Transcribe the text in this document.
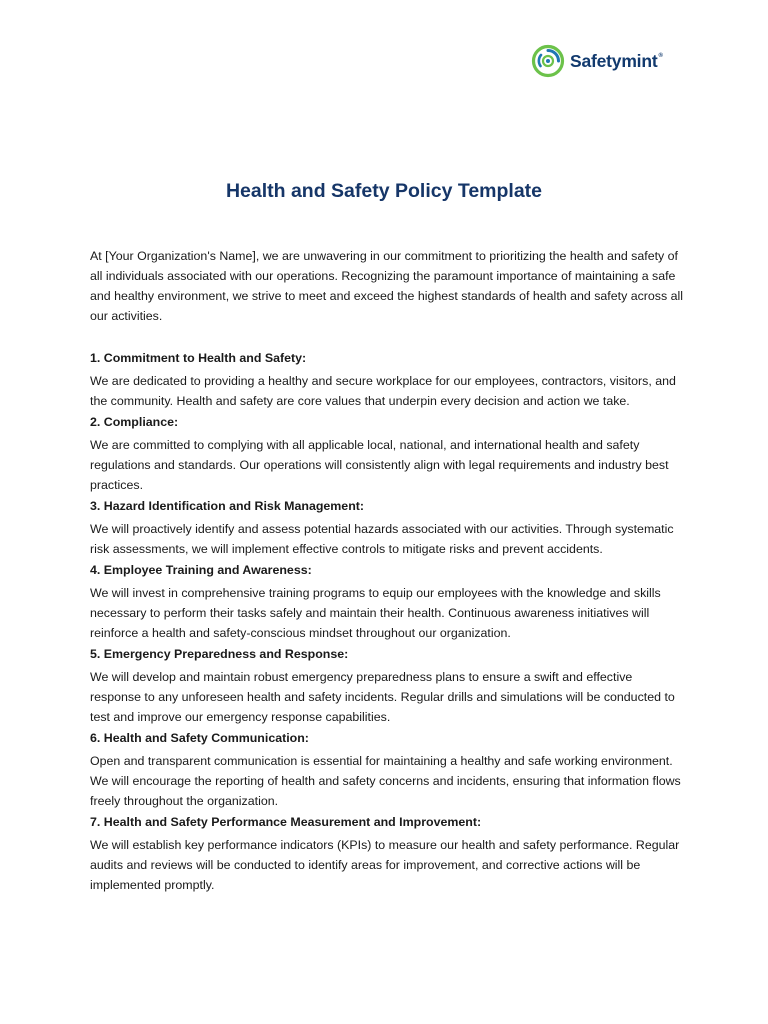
Safetymint®
Health and Safety Policy Template

At [Your Organization's Name], we are unwavering in our commitment to prioritizing the health and safety of all individuals associated with our operations. Recognizing the paramount importance of maintaining a safe and healthy environment, we strive to meet and exceed the highest standards of health and safety across all our activities.

1. Commitment to Health and Safety:

We are dedicated to providing a healthy and secure workplace for our employees, contractors, visitors, and the community. Health and safety are core values that underpin every decision and action we take.

2. Compliance:

We are committed to complying with all applicable local, national, and international health and safety regulations and standards. Our operations will consistently align with legal requirements and industry best practices.

3. Hazard Identification and Risk Management:

We will proactively identify and assess potential hazards associated with our activities. Through systematic risk assessments, we will implement effective controls to mitigate risks and prevent accidents.

4. Employee Training and Awareness:

We will invest in comprehensive training programs to equip our employees with the knowledge and skills necessary to perform their tasks safely and maintain their health. Continuous awareness initiatives will reinforce a health and safety-conscious mindset throughout our organization.

5. Emergency Preparedness and Response:

We will develop and maintain robust emergency preparedness plans to ensure a swift and effective response to any unforeseen health and safety incidents. Regular drills and simulations will be conducted to test and improve our emergency response capabilities.

6. Health and Safety Communication:

Open and transparent communication is essential for maintaining a healthy and safe working environment. We will encourage the reporting of health and safety concerns and incidents, ensuring that information flows freely throughout the organization.

7. Health and Safety Performance Measurement and Improvement:

We will establish key performance indicators (KPIs) to measure our health and safety performance. Regular audits and reviews will be conducted to identify areas for improvement, and corrective actions will be implemented promptly.
